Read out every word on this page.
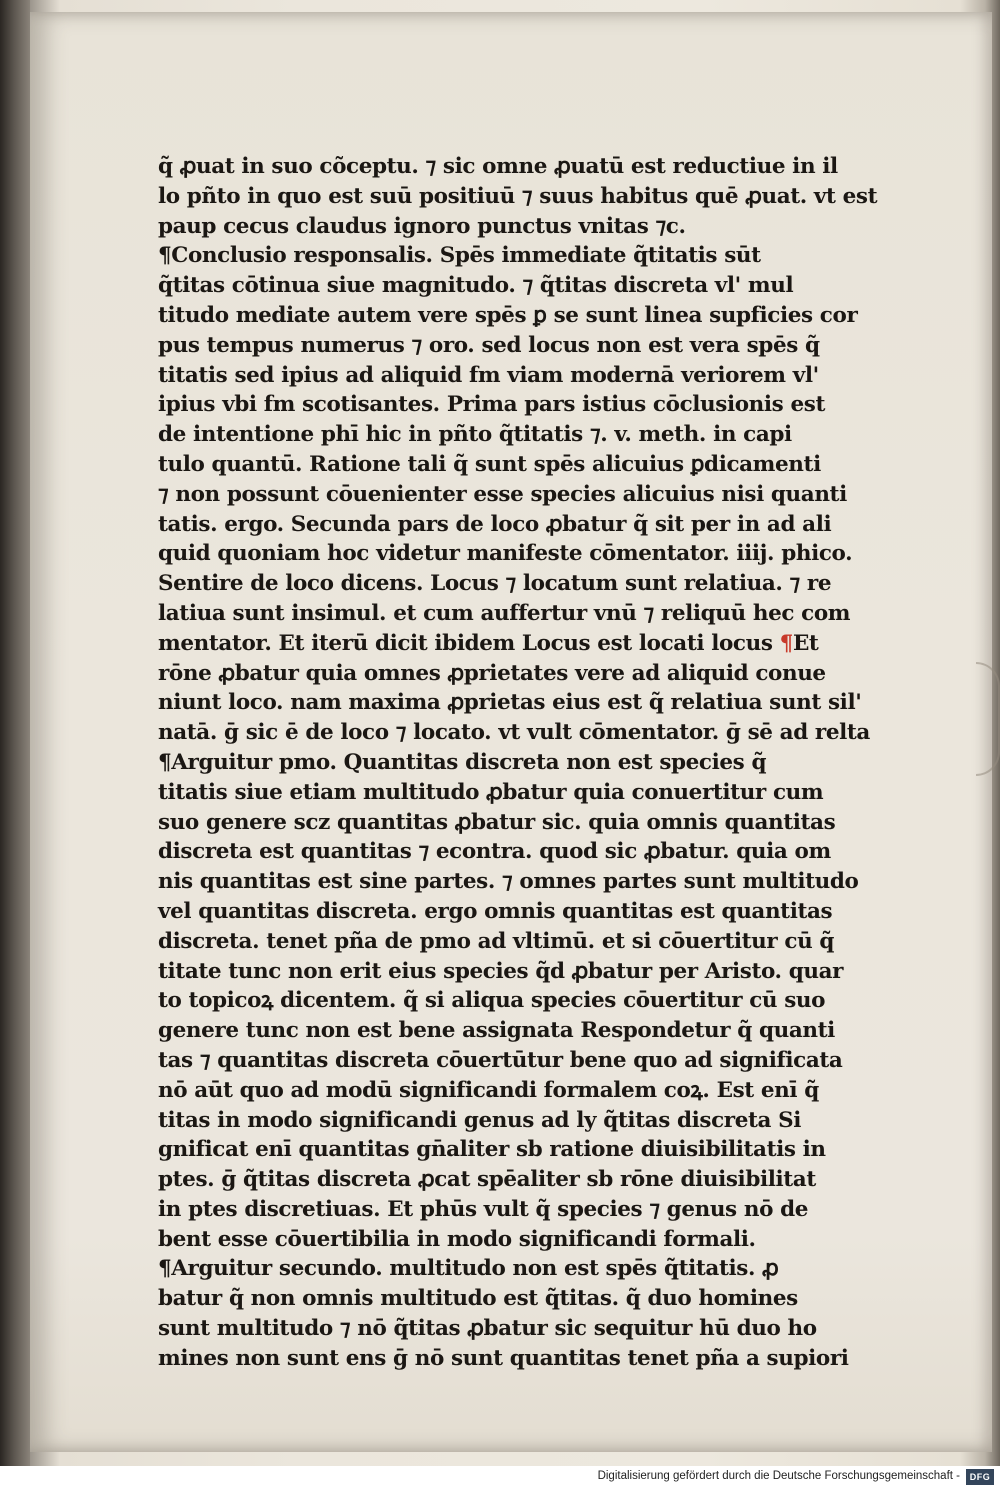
q̃ ꝓuat in suo cõceptu. ⁊ sic omne ꝓuatū est reductiue in il
lo pñto in quo est suū positiuū ⁊ suus habitus quē ꝓuat. vt est
paup cecus claudus ignoro punctus vnitas ⁊c.
¶Conclusio responsalis. Spēs immediate q̃titatis sūt
q̃titas cōtinua siue magnitudo. ⁊ q̃titas discreta vl' mul
titudo mediate autem vere spēs ꝑ se sunt linea supficies cor
pus tempus numerus ⁊ oro. sed locus non est vera spēs q̃
titatis sed ipius ad aliquid fm viam modernā veriorem vl'
ipius vbi fm scotisantes. Prima pars istius cōclusionis est
de intentione phī hic in pñto q̃titatis ⁊. v. meth. in capi
tulo quantū. Ratione tali q̃ sunt spēs alicuius ꝑdicamenti
⁊ non possunt cōuenienter esse species alicuius nisi quanti
tatis. ergo. Secunda pars de loco ꝓbatur q̃ sit per in ad ali
quid quoniam hoc videtur manifeste cōmentator. iiij. phico.
Sentire de loco dicens. Locus ⁊ locatum sunt relatiua. ⁊ re
latiua sunt insimul. et cum auffertur vnū ⁊ reliquū hec com
mentator. Et iterū dicit ibidem Locus est locati locus ¶Et
rōne ꝓbatur quia omnes ꝓprietates vere ad aliquid conue
niunt loco. nam maxima ꝓprietas eius est q̃ relatiua sunt sil'
natā. ḡ sic ē de loco ⁊ locato. vt vult cōmentator. ḡ sē ad relta
¶Arguitur pmo. Quantitas discreta non est species q̃
titatis siue etiam multitudo ꝓbatur quia conuertitur cum
suo genere scz quantitas ꝓbatur sic. quia omnis quantitas
discreta est quantitas ⁊ econtra. quod sic ꝓbatur. quia om
nis quantitas est sine partes. ⁊ omnes partes sunt multitudo
vel quantitas discreta. ergo omnis quantitas est quantitas
discreta. tenet pña de pmo ad vltimū. et si cōuertitur cū q̃
titate tunc non erit eius species q̃d ꝓbatur per Aristo. quar
to topicoꝝ dicentem. q̃ si aliqua species cōuertitur cū suo
genere tunc non est bene assignata Respondetur q̃ quanti
tas ⁊ quantitas discreta cōuertūtur bene quo ad significata
nō aūt quo ad modū significandi formalem coꝝ. Est enī q̃
titas in modo significandi genus ad ly q̃titas discreta Si
gnificat enī quantitas gn̄aliter sb ratione diuisibilitatis in
ptes. ḡ q̃titas discreta ꝓcat spēaliter sb rōne diuisibilitat
in ptes discretiuas. Et phūs vult q̃ species ⁊ genus nō de
bent esse cōuertibilia in modo significandi formali.
¶Arguitur secundo. multitudo non est spēs q̃titatis. ꝓ
batur q̃ non omnis multitudo est q̃titas. q̃ duo homines
sunt multitudo ⁊ nō q̃titas ꝓbatur sic sequitur hū duo ho
mines non sunt ens ḡ nō sunt quantitas tenet pña a supiori
Digitalisierung gefördert durch die Deutsche Forschungsgemeinschaft -	DFG
